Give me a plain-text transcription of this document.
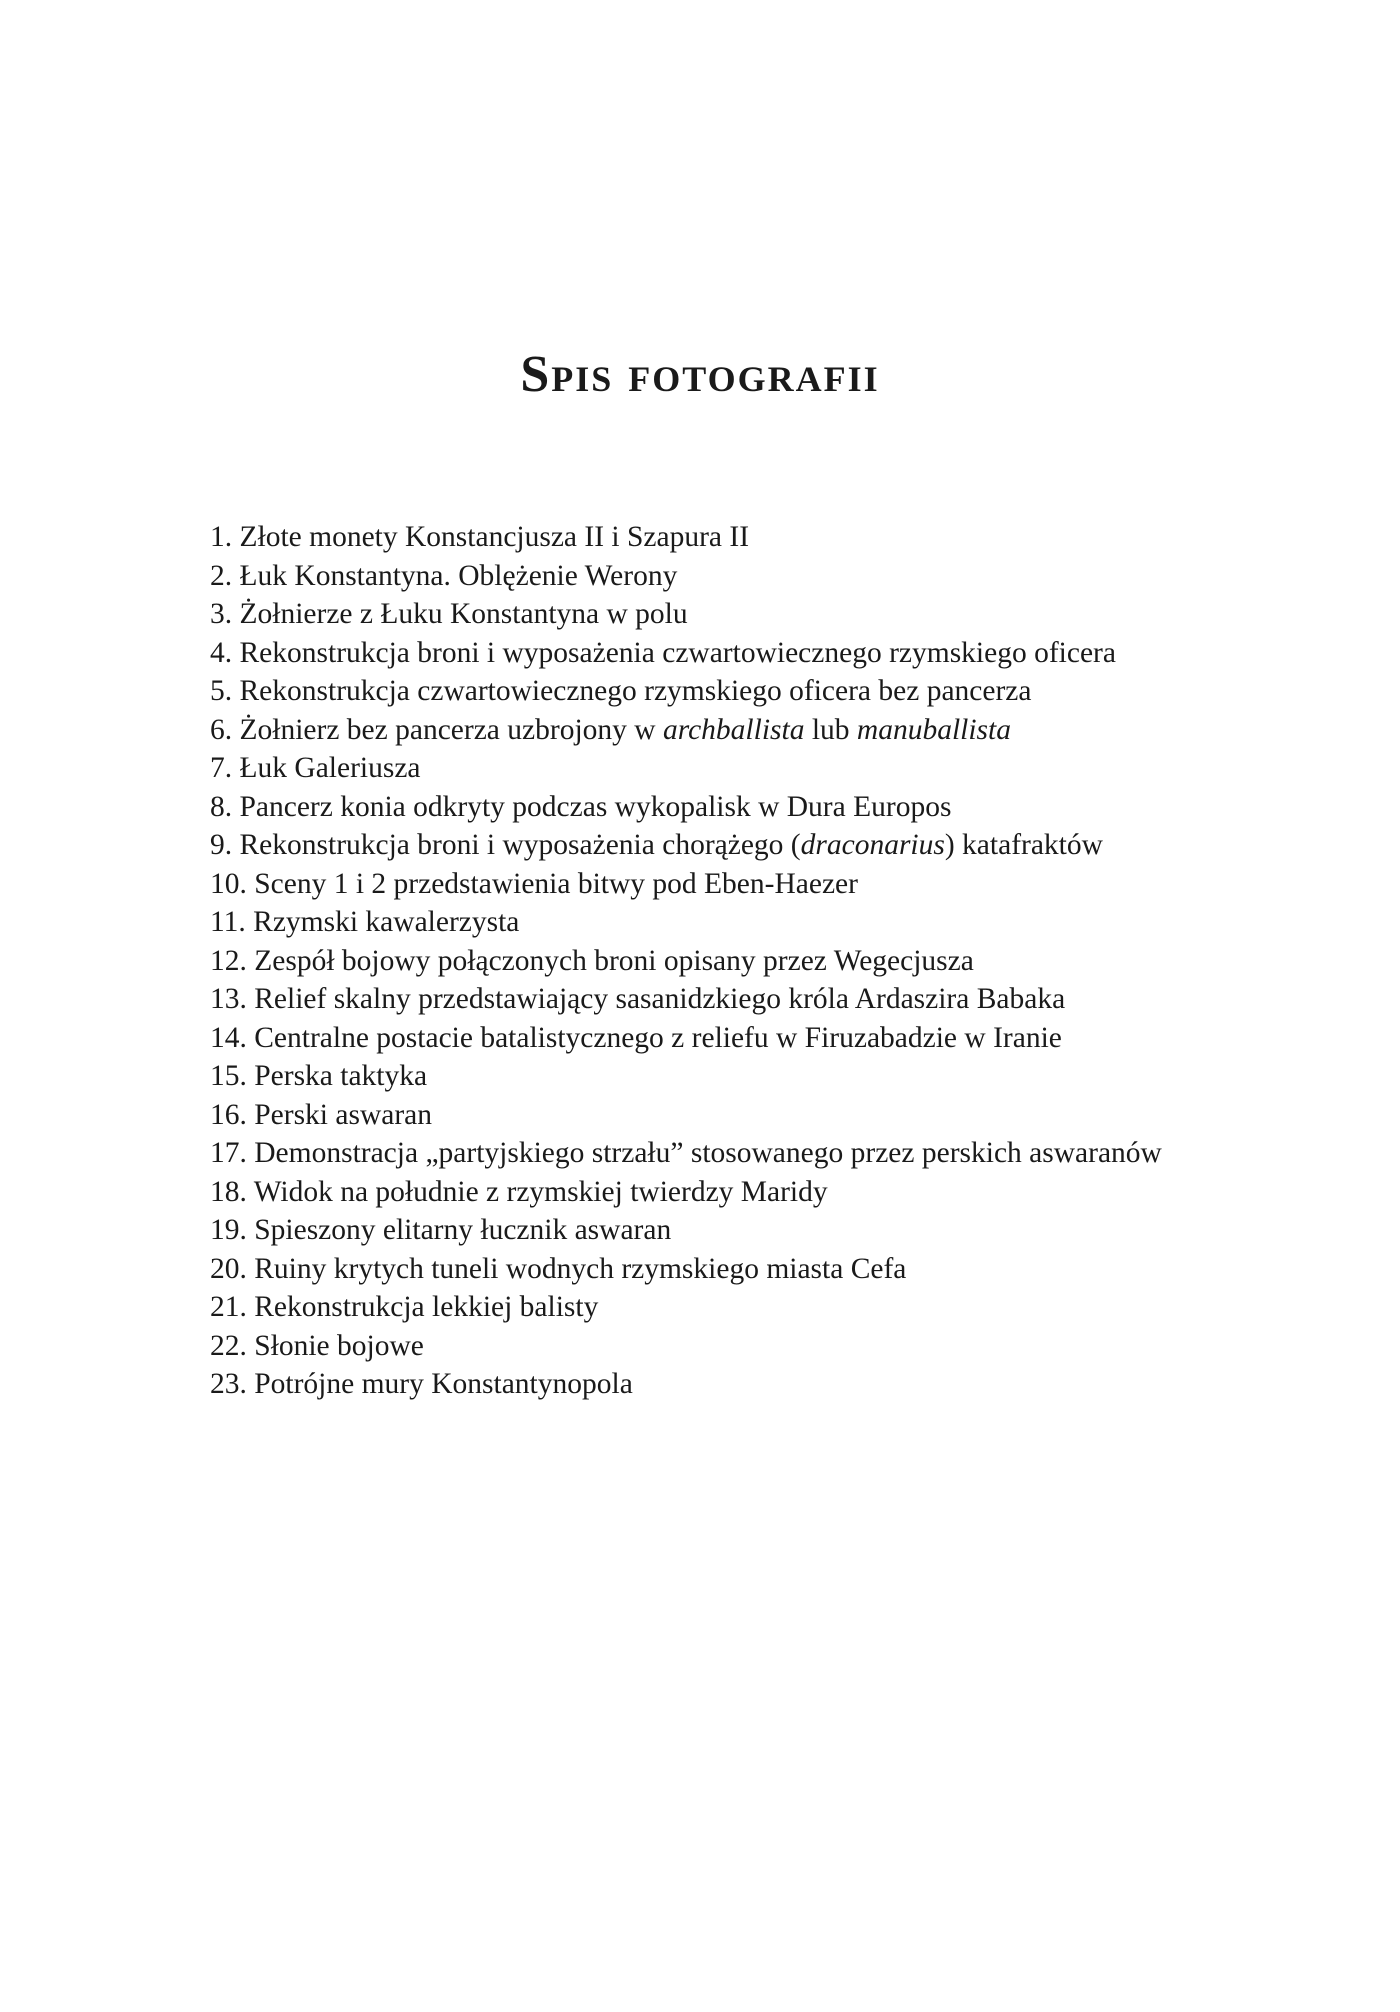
Spis fotografii
1. Złote monety Konstancjusza II i Szapura II
2. Łuk Konstantyna. Oblężenie Werony
3. Żołnierze z Łuku Konstantyna w polu
4. Rekonstrukcja broni i wyposażenia czwartowiecznego rzymskiego oficera
5. Rekonstrukcja czwartowiecznego rzymskiego oficera bez pancerza
6. Żołnierz bez pancerza uzbrojony w archballista lub manuballista
7. Łuk Galeriusza
8. Pancerz konia odkryty podczas wykopalisk w Dura Europos
9. Rekonstrukcja broni i wyposażenia chorążego (draconarius) katafraktów
10. Sceny 1 i 2 przedstawienia bitwy pod Eben-Haezer
11. Rzymski kawalerzysta
12. Zespół bojowy połączonych broni opisany przez Wegecjusza
13. Relief skalny przedstawiający sasanidzkiego króla Ardaszira Babaka
14. Centralne postacie batalistycznego z reliefu w Firuzabadzie w Iranie
15. Perska taktyka
16. Perski aswaran
17. Demonstracja „partyjskiego strzału” stosowanego przez perskich aswaranów
18. Widok na południe z rzymskiej twierdzy Maridy
19. Spieszony elitarny łucznik aswaran
20. Ruiny krytych tuneli wodnych rzymskiego miasta Cefa
21. Rekonstrukcja lekkiej balisty
22. Słonie bojowe
23. Potrójne mury Konstantynopola
